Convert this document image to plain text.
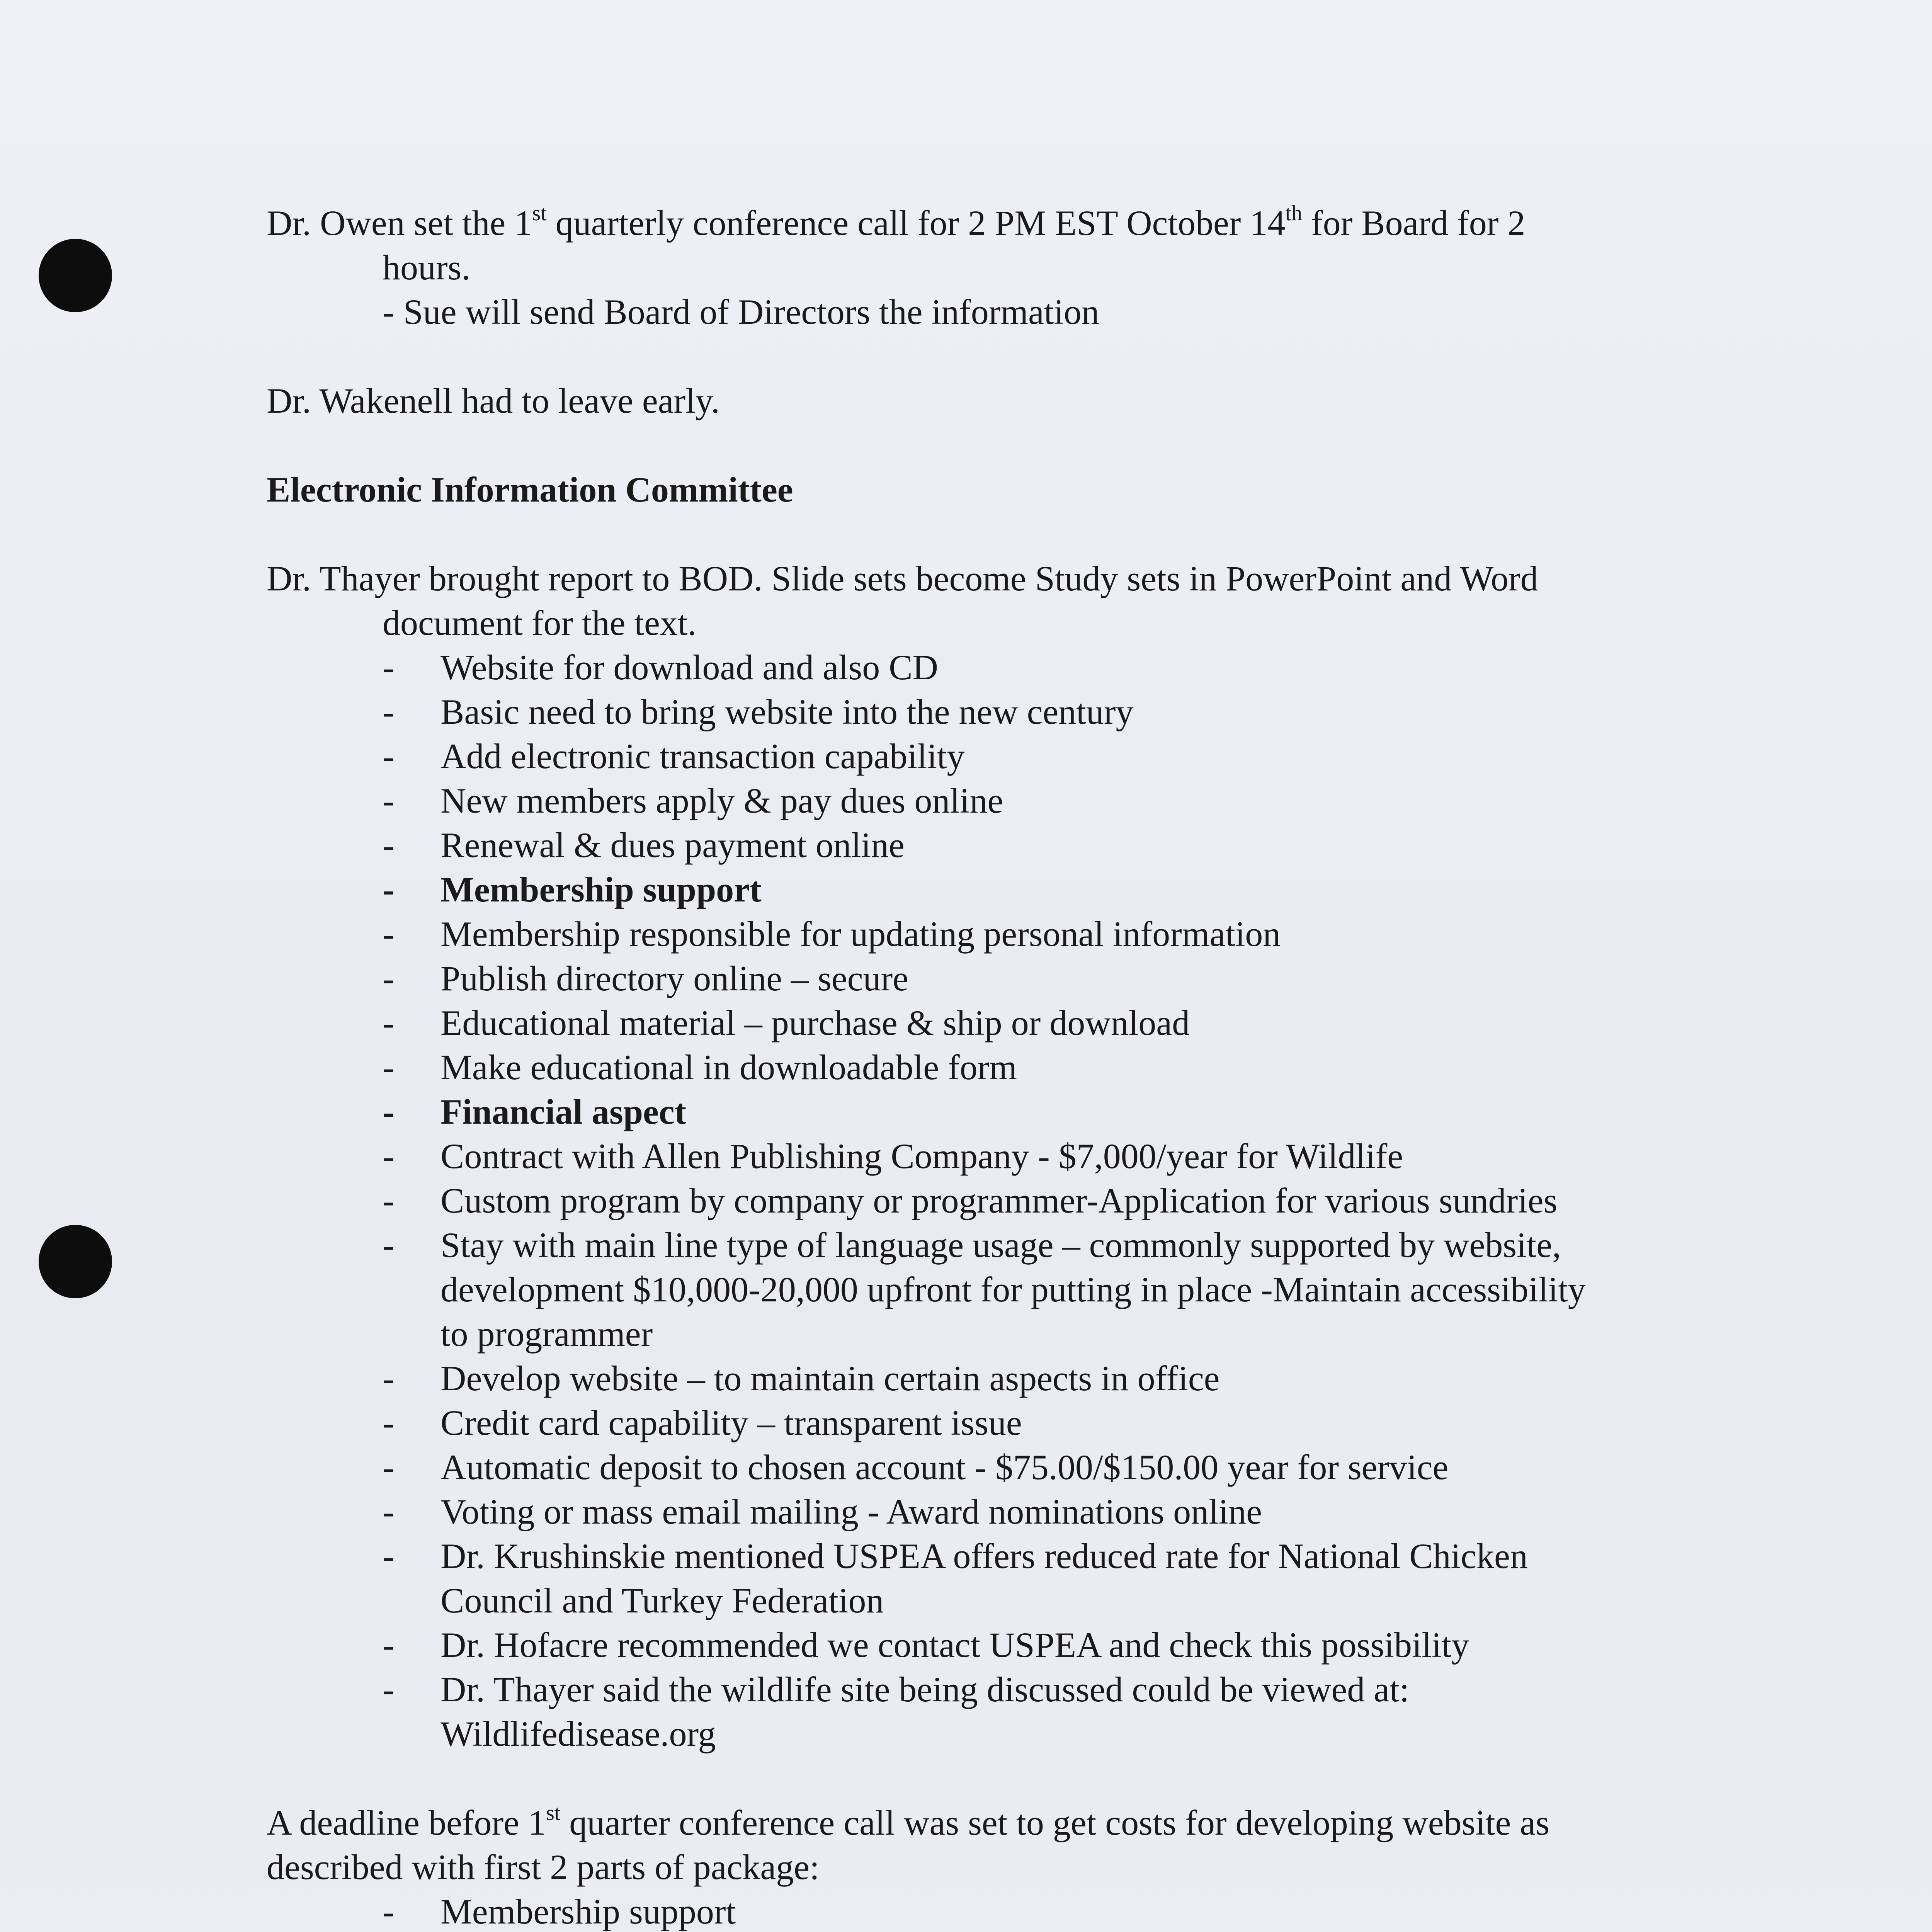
Dr. Owen set the 1st quarterly conference call for 2 PM EST October 14th for Board for 2
hours.
- Sue will send Board of Directors the information
Dr. Wakenell had to leave early.
Electronic Information Committee
Dr. Thayer brought report to BOD. Slide sets become Study sets in PowerPoint and Word
document for the text.
- Website for download and also CD
- Basic need to bring website into the new century
- Add electronic transaction capability
- New members apply & pay dues online
- Renewal & dues payment online
- Membership support
- Membership responsible for updating personal information
- Publish directory online – secure
- Educational material – purchase & ship or download
- Make educational in downloadable form
- Financial aspect
- Contract with Allen Publishing Company - $7,000/year for Wildlife
- Custom program by company or programmer-Application for various sundries
- Stay with main line type of language usage – commonly supported by website,
development $10,000-20,000 upfront for putting in place -Maintain accessibility
to programmer
- Develop website – to maintain certain aspects in office
- Credit card capability – transparent issue
- Automatic deposit to chosen account - $75.00/$150.00 year for service
- Voting or mass email mailing - Award nominations online
- Dr. Krushinskie mentioned USPEA offers reduced rate for National Chicken
Council and Turkey Federation
- Dr. Hofacre recommended we contact USPEA and check this possibility
- Dr. Thayer said the wildlife site being discussed could be viewed at:
Wildlifedisease.org
A deadline before 1st quarter conference call was set to get costs for developing website as
described with first 2 parts of package:
- Membership support
